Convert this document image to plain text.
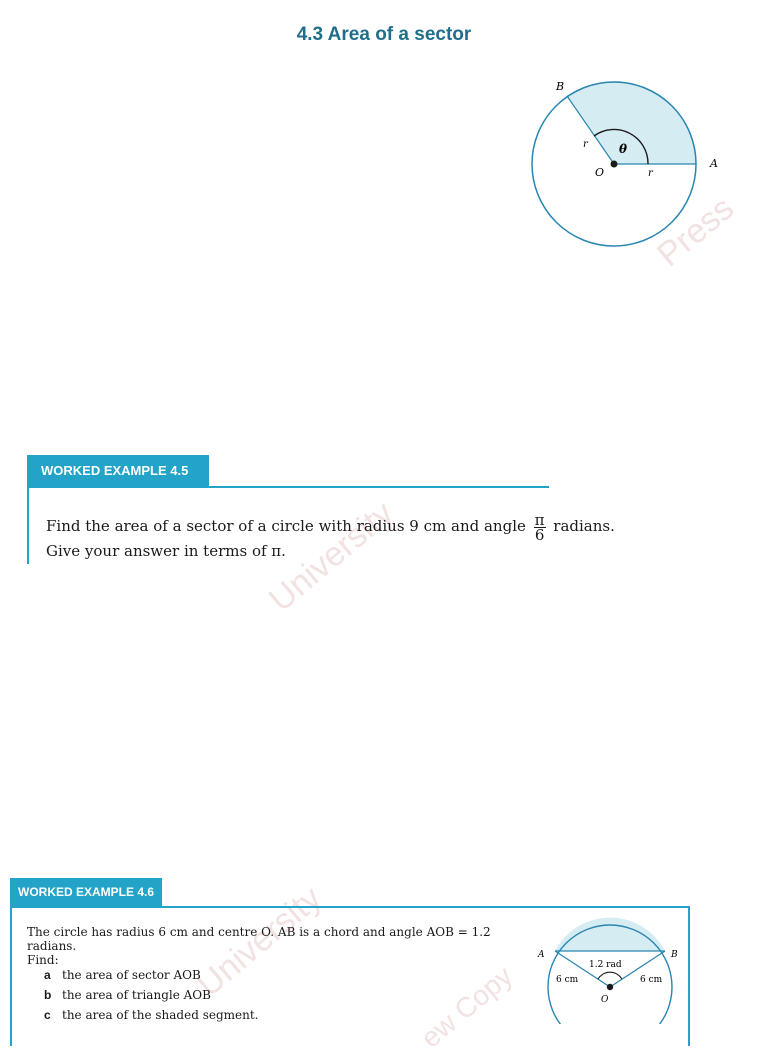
4.3 Area of a sector
B
A
O
r
r
θ
Press
University
University
ew Copy
WORKED EXAMPLE 4.5
Find the area of a sector of a circle with radius 9 cm and angle $\frac{\pi}{6}$ radians.
Give your answer in terms of π.
WORKED EXAMPLE 4.6
The circle has radius 6 cm and centre O. AB is a chord and angle AOB = 1.2 radians.
Find:
a the area of sector AOB
b the area of triangle AOB
c the area of the shaded segment.
A	B
O
1.2 rad
6 cm	6 cm
